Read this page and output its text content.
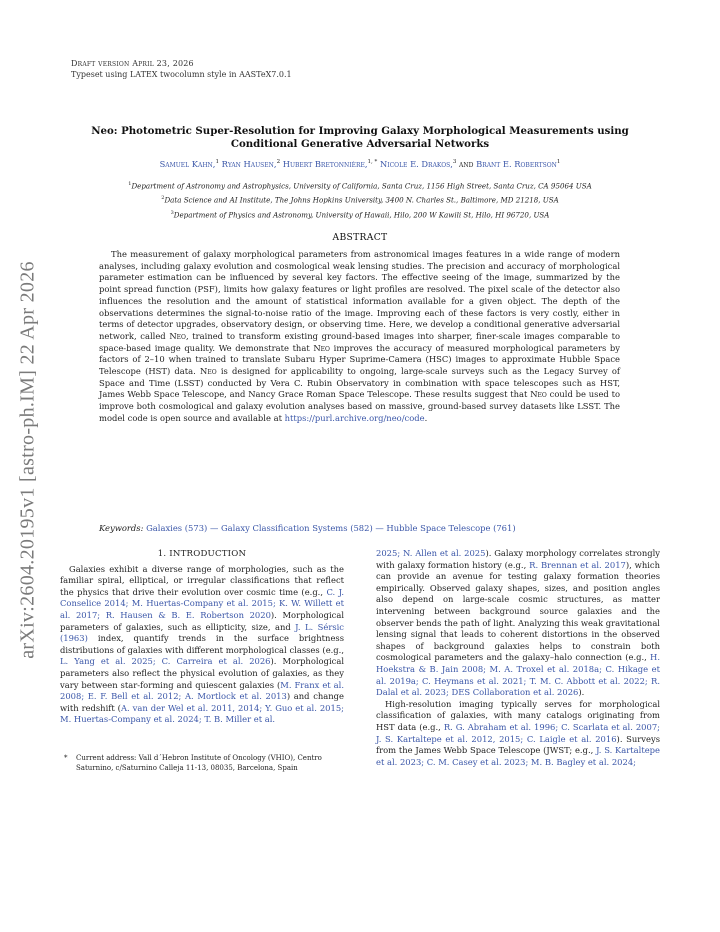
Draft version April 23, 2026
Typeset using LATEX twocolumn style in AASTeX7.0.1
Neo: Photometric Super-Resolution for Improving Galaxy Morphological Measurements using Conditional Generative Adversarial Networks
Samuel Kahn,$^1$ Ryan Hausen,$^2$ Hubert Bretonnière,$^{1, *}$ Nicole E. Drakos,$^3$ and Brant E. Robertson$^1$
$^1$Department of Astronomy and Astrophysics, University of California, Santa Cruz, 1156 High Street, Santa Cruz, CA 95064 USA
$^2$Data Science and AI Institute, The Johns Hopkins University, 3400 N. Charles St., Baltimore, MD 21218, USA
$^3$Department of Physics and Astronomy, University of Hawaii, Hilo, 200 W Kawili St, Hilo, HI 96720, USA
ABSTRACT
The measurement of galaxy morphological parameters from astronomical images features in a wide range of modern analyses, including galaxy evolution and cosmological weak lensing studies. The precision and accuracy of morphological parameter estimation can be influenced by several key factors. The effective seeing of the image, summarized by the point spread function (PSF), limits how galaxy features or light profiles are resolved. The pixel scale of the detector also influences the resolution and the amount of statistical information available for a given object. The depth of the observations determines the signal-to-noise ratio of the image. Improving each of these factors is very costly, either in terms of detector upgrades, observatory design, or observing time. Here, we develop a conditional generative adversarial network, called Neo, trained to transform existing ground-based images into sharper, finer-scale images comparable to space-based image quality. We demonstrate that Neo improves the accuracy of measured morphological parameters by factors of 2–10 when trained to translate Subaru Hyper Suprime-Camera (HSC) images to approximate Hubble Space Telescope (HST) data. Neo is designed for applicability to ongoing, large-scale surveys such as the Legacy Survey of Space and Time (LSST) conducted by Vera C. Rubin Observatory in combination with space telescopes such as HST, James Webb Space Telescope, and Nancy Grace Roman Space Telescope. These results suggest that Neo could be used to improve both cosmological and galaxy evolution analyses based on massive, ground-based survey datasets like LSST. The model code is open source and available at https://purl.archive.org/neo/code.
Keywords: Galaxies (573) — Galaxy Classification Systems (582) — Hubble Space Telescope (761)
arXiv:2604.20195v1 [astro-ph.IM] 22 Apr 2026	1. INTRODUCTION

Galaxies exhibit a diverse range of morphologies, such as the familiar spiral, elliptical, or irregular classifications that reflect the physics that drive their evolution over cosmic time (e.g., C. J. Conselice 2014; M. Huertas-Company et al. 2015; K. W. Willett et al. 2017; R. Hausen & B. E. Robertson 2020). Morphological parameters of galaxies, such as ellipticity, size, and J. L. Sérsic (1963) index, quantify trends in the surface brightness distributions of galaxies with different morphological classes (e.g., L. Yang et al. 2025; C. Carreira et al. 2026). Morphological parameters also reflect the physical evolution of galaxies, as they vary between star-forming and quiescent galaxies (M. Franx et al. 2008; E. F. Bell et al. 2012; A. Mortlock et al. 2013) and change with redshift (A. van der Wel et al. 2011, 2014; Y. Guo et al. 2015; M. Huertas-Company et al. 2024; T. B. Miller et al.

2025; N. Allen et al. 2025). Galaxy morphology correlates strongly with galaxy formation history (e.g., R. Brennan et al. 2017), which can provide an avenue for testing galaxy formation theories empirically. Observed galaxy shapes, sizes, and position angles also depend on large-scale cosmic structures, as matter intervening between background source galaxies and the observer bends the path of light. Analyzing this weak gravitational lensing signal that leads to coherent distortions in the observed shapes of background galaxies helps to constrain both cosmological parameters and the galaxy–halo connection (e.g., H. Hoekstra & B. Jain 2008; M. A. Troxel et al. 2018a; C. Hikage et al. 2019a; C. Heymans et al. 2021; T. M. C. Abbott et al. 2022; R. Dalal et al. 2023; DES Collaboration et al. 2026).

High-resolution imaging typically serves for morphological classification of galaxies, with many catalogs originating from HST data (e.g., R. G. Abraham et al. 1996; C. Scarlata et al. 2007; J. S. Kartaltepe et al. 2012, 2015; C. Laigle et al. 2016). Surveys from the James Webb Space Telescope (JWST; e.g., J. S. Kartaltepe et al. 2023; C. M. Casey et al. 2023; M. B. Bagley et al. 2024;

* Current address: Vall d´Hebron Institute of Oncology (VHIO), Centro Saturnino, c/Saturnino Calleja 11-13, 08035, Barcelona, Spain
